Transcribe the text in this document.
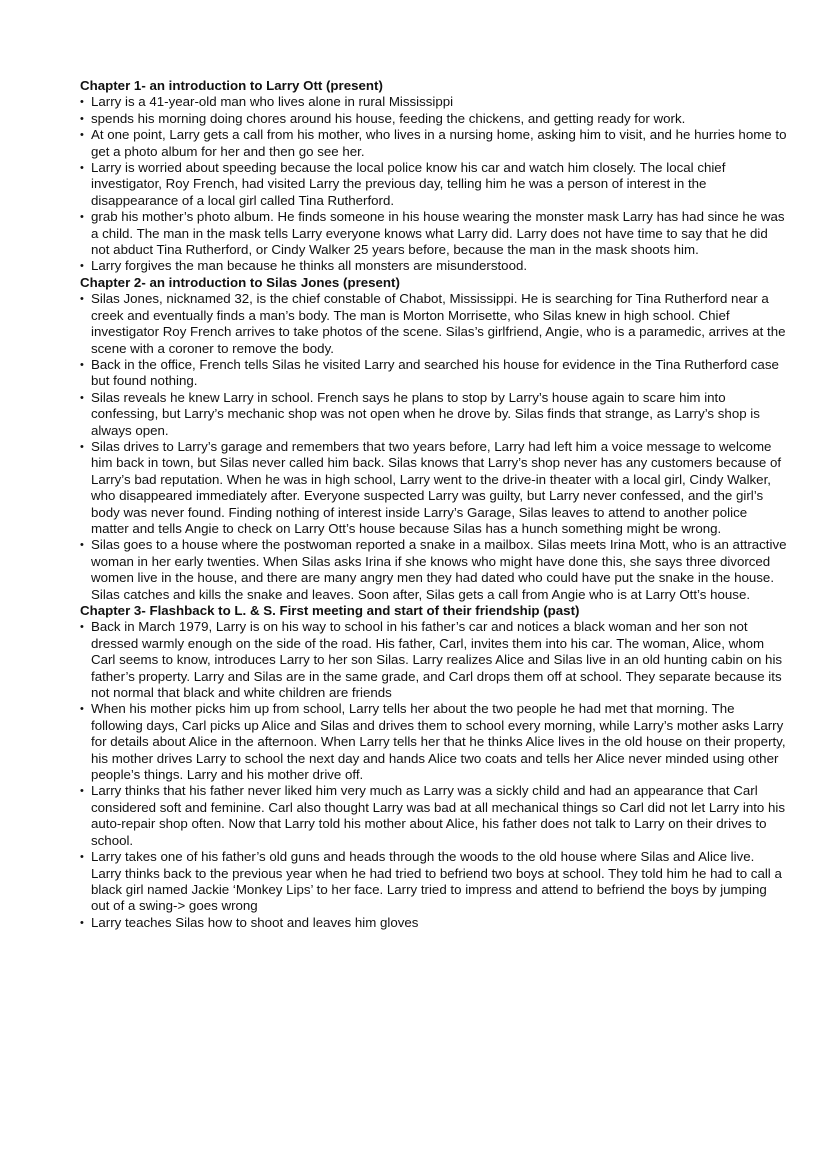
Chapter 1- an introduction to Larry Ott (present)
• Larry is a 41-year-old man who lives alone in rural Mississippi
• spends his morning doing chores around his house, feeding the chickens, and getting ready for work.
• At one point, Larry gets a call from his mother, who lives in a nursing home, asking him to visit, and he hurries home to get a photo album for her and then go see her.
• Larry is worried about speeding because the local police know his car and watch him closely. The local chief investigator, Roy French, had visited Larry the previous day, telling him he was a person of interest in the disappearance of a local girl called Tina Rutherford.
• grab his mother’s photo album. He finds someone in his house wearing the monster mask Larry has had since he was a child. The man in the mask tells Larry everyone knows what Larry did. Larry does not have time to say that he did not abduct Tina Rutherford, or Cindy Walker 25 years before, because the man in the mask shoots him.
• Larry forgives the man because he thinks all monsters are misunderstood.
Chapter 2- an introduction to Silas Jones (present)
• Silas Jones, nicknamed 32, is the chief constable of Chabot, Mississippi. He is searching for Tina Rutherford near a creek and eventually finds a man’s body. The man is Morton Morrisette, who Silas knew in high school. Chief investigator Roy French arrives to take photos of the scene. Silas’s girlfriend, Angie, who is a paramedic, arrives at the scene with a coroner to remove the body.
• Back in the office, French tells Silas he visited Larry and searched his house for evidence in the Tina Rutherford case but found nothing.
• Silas reveals he knew Larry in school. French says he plans to stop by Larry’s house again to scare him into confessing, but Larry’s mechanic shop was not open when he drove by. Silas finds that strange, as Larry’s shop is always open.
• Silas drives to Larry’s garage and remembers that two years before, Larry had left him a voice message to welcome him back in town, but Silas never called him back. Silas knows that Larry’s shop never has any customers because of Larry’s bad reputation. When he was in high school, Larry went to the drive-in theater with a local girl, Cindy Walker, who disappeared immediately after. Everyone suspected Larry was guilty, but Larry never confessed, and the girl’s body was never found. Finding nothing of interest inside Larry’s Garage, Silas leaves to attend to another police matter and tells Angie to check on Larry Ott’s house because Silas has a hunch something might be wrong.
• Silas goes to a house where the postwoman reported a snake in a mailbox. Silas meets Irina Mott, who is an attractive woman in her early twenties. When Silas asks Irina if she knows who might have done this, she says three divorced women live in the house, and there are many angry men they had dated who could have put the snake in the house. Silas catches and kills the snake and leaves. Soon after, Silas gets a call from Angie who is at Larry Ott’s house.
Chapter 3- Flashback to L. & S. First meeting and start of their friendship (past)
• Back in March 1979, Larry is on his way to school in his father’s car and notices a black woman and her son not dressed warmly enough on the side of the road. His father, Carl, invites them into his car. The woman, Alice, whom Carl seems to know, introduces Larry to her son Silas. Larry realizes Alice and Silas live in an old hunting cabin on his father’s property. Larry and Silas are in the same grade, and Carl drops them off at school. They separate because its not normal that black and white children are friends
• When his mother picks him up from school, Larry tells her about the two people he had met that morning. The following days, Carl picks up Alice and Silas and drives them to school every morning, while Larry’s mother asks Larry for details about Alice in the afternoon. When Larry tells her that he thinks Alice lives in the old house on their property, his mother drives Larry to school the next day and hands Alice two coats and tells her Alice never minded using other people’s things. Larry and his mother drive off.
• Larry thinks that his father never liked him very much as Larry was a sickly child and had an appearance that Carl considered soft and feminine. Carl also thought Larry was bad at all mechanical things so Carl did not let Larry into his auto-repair shop often. Now that Larry told his mother about Alice, his father does not talk to Larry on their drives to school.
• Larry takes one of his father’s old guns and heads through the woods to the old house where Silas and Alice live. Larry thinks back to the previous year when he had tried to befriend two boys at school. They told him he had to call a black girl named Jackie ‘Monkey Lips’ to her face. Larry tried to impress and attend to befriend the boys by jumping out of a swing-> goes wrong
• Larry teaches Silas how to shoot and leaves him gloves
